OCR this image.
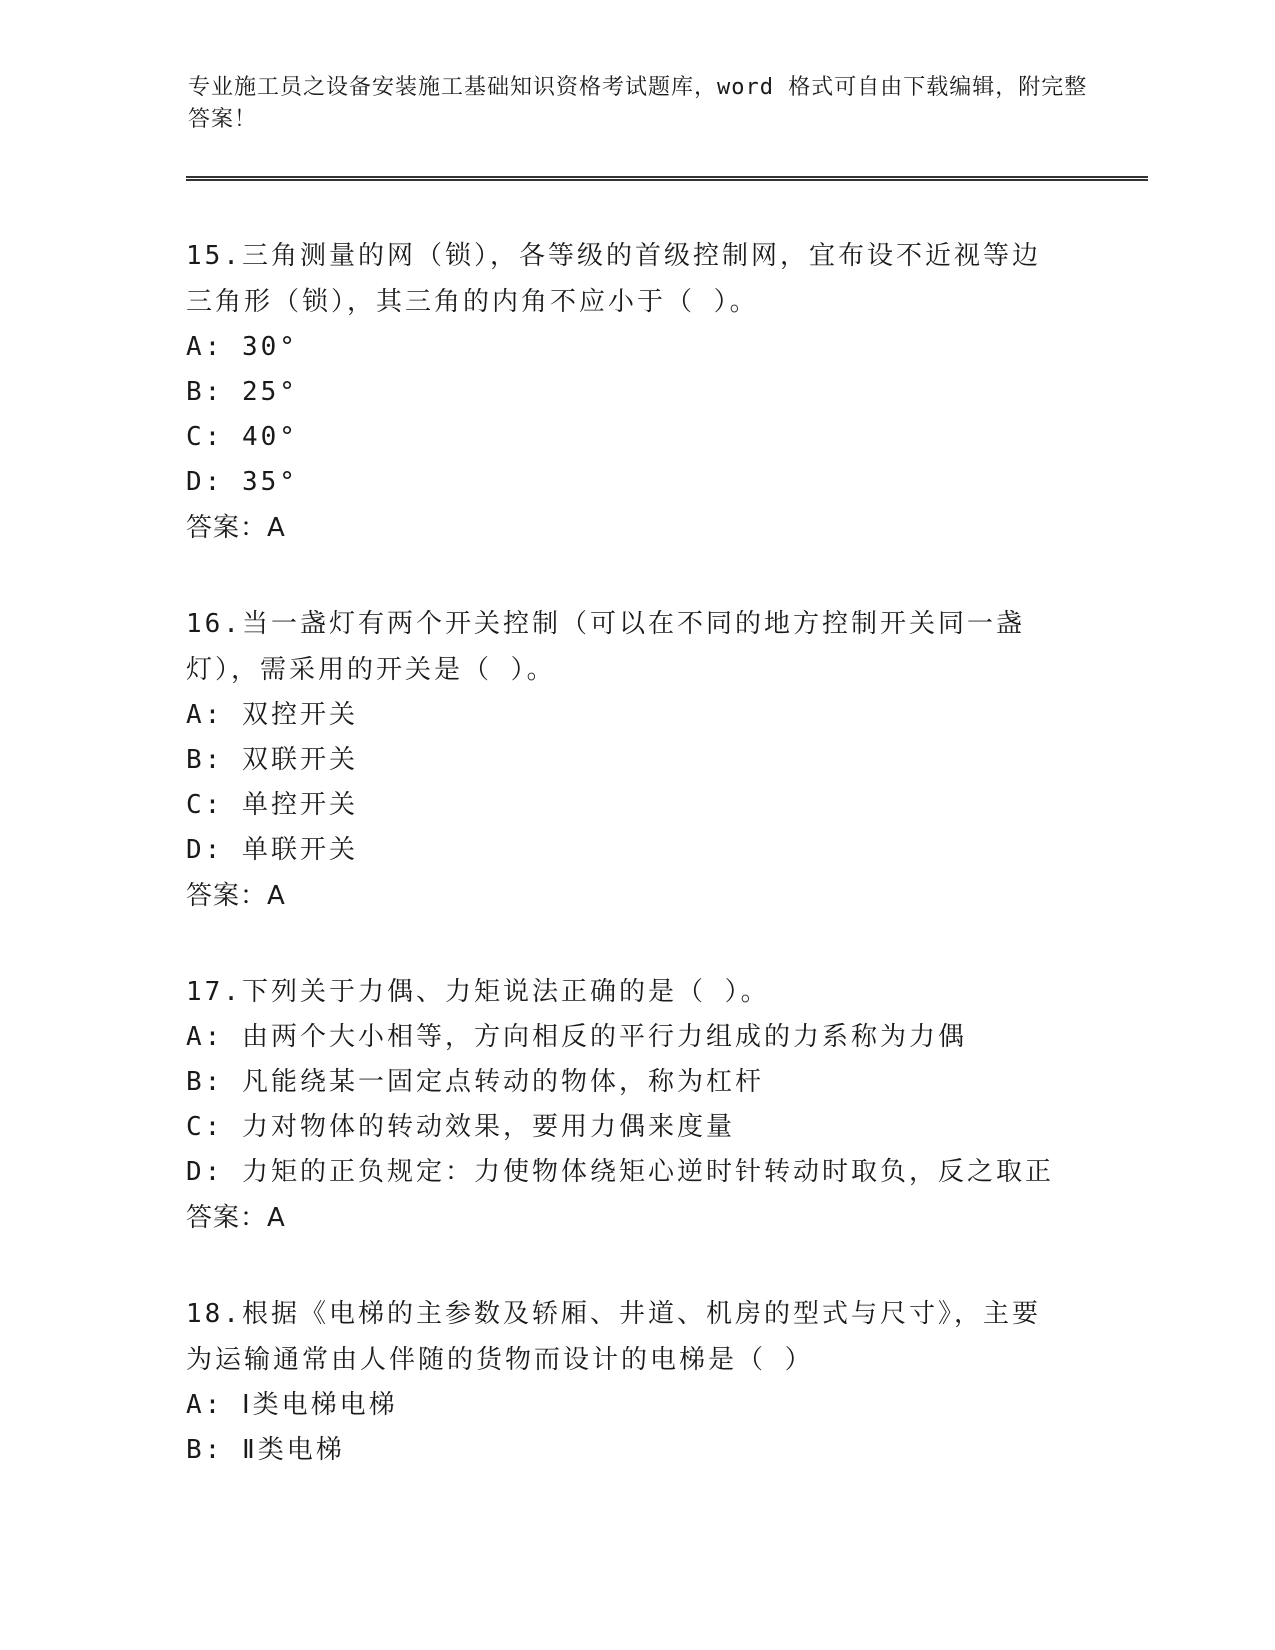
专业施工员之设备安装施工基础知识资格考试题库，word 格式可自由下载编辑，附完整答案！

15.三角测量的网（锁），各等级的首级控制网，宜布设不近视等边三角形（锁），其三角的内角不应小于（ ）。

A: 30°
B: 25°
C: 40°
D: 35°
答案：A

16.当一盏灯有两个开关控制（可以在不同的地方控制开关同一盏灯），需采用的开关是（ ）。

A: 双控开关
B: 双联开关
C: 单控开关
D: 单联开关
答案：A

17.下列关于力偶、力矩说法正确的是（ ）。

A: 由两个大小相等，方向相反的平行力组成的力系称为力偶
B: 凡能绕某一固定点转动的物体，称为杠杆
C: 力对物体的转动效果，要用力偶来度量
D: 力矩的正负规定：力使物体绕矩心逆时针转动时取负，反之取正
答案：A

18.根据《电梯的主参数及轿厢、井道、机房的型式与尺寸》，主要为运输通常由人伴随的货物而设计的电梯是（ ）

A: Ⅰ类电梯电梯
B: Ⅱ类电梯
